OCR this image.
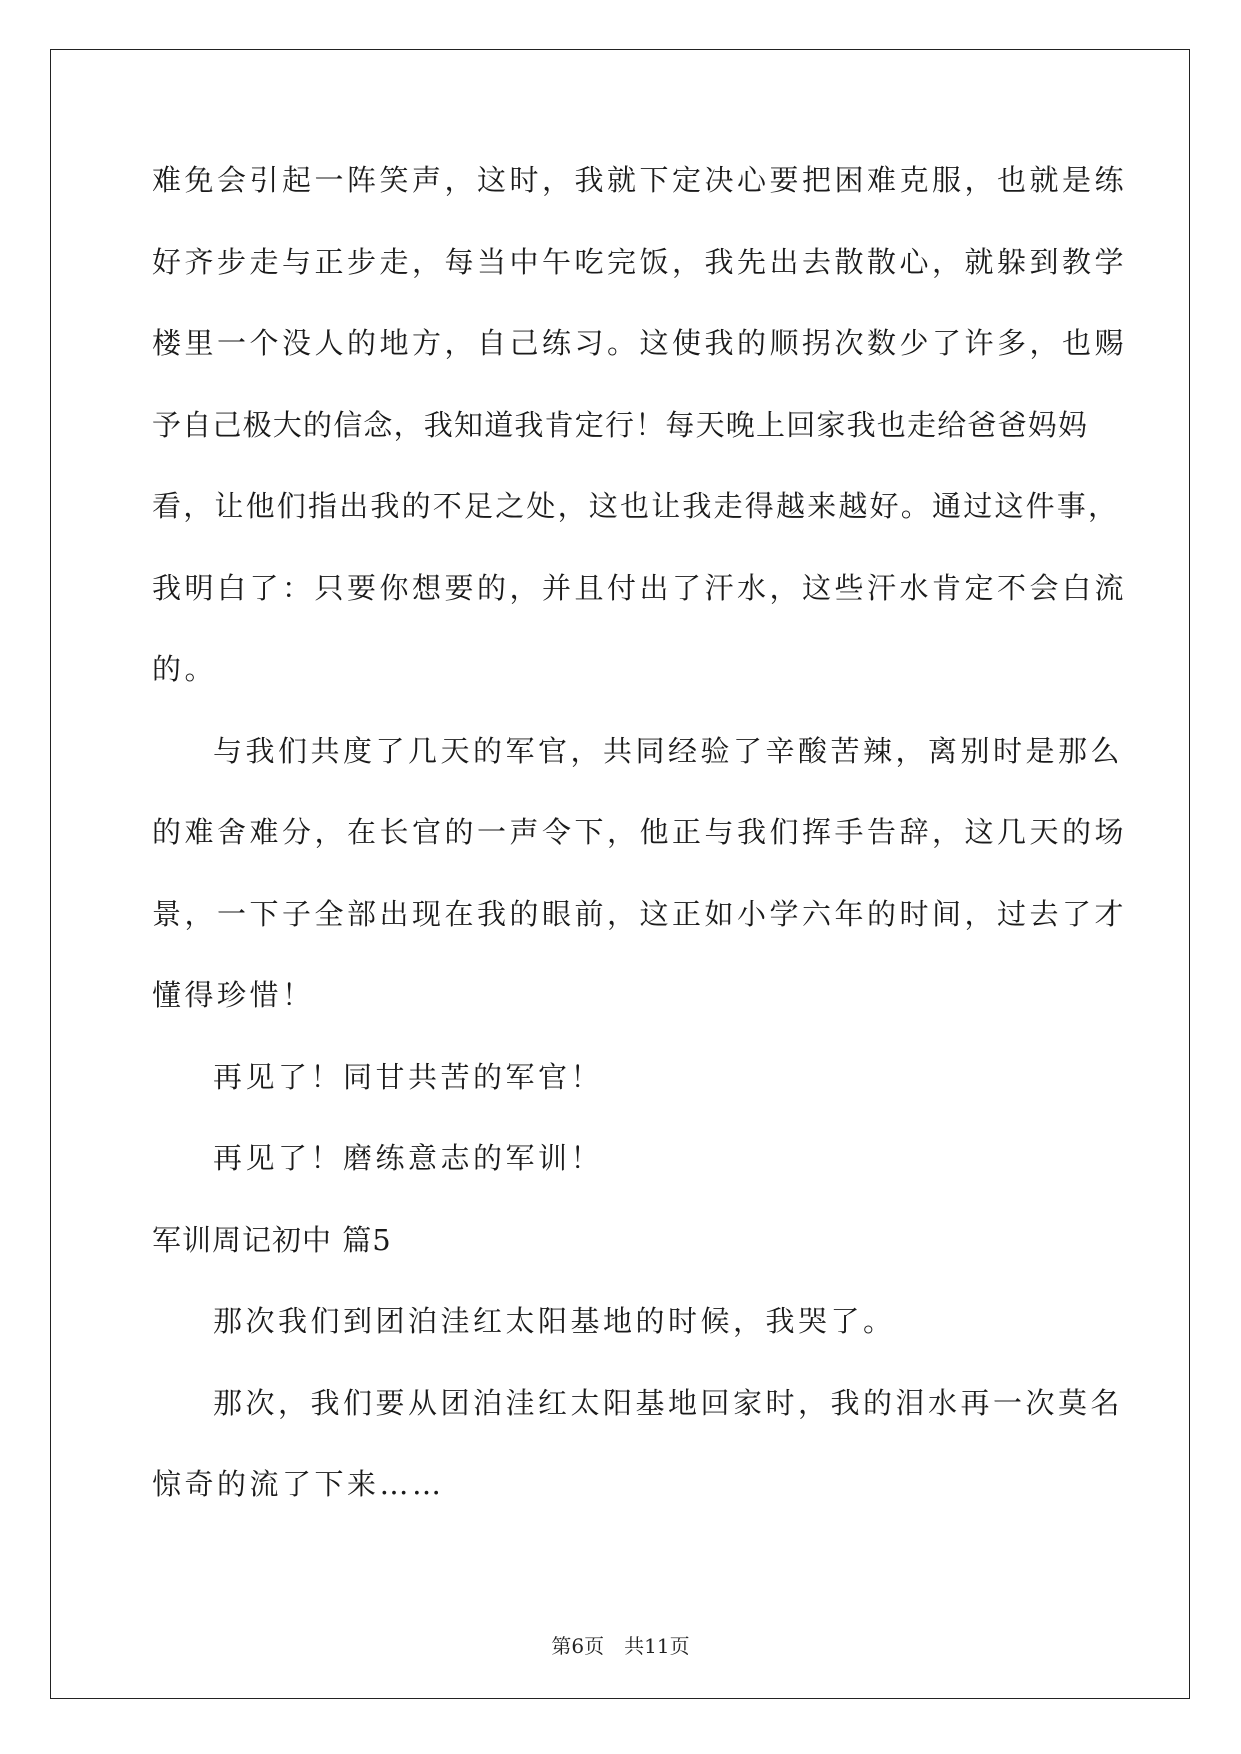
难免会引起一阵笑声，这时，我就下定决心要把困难克服，也就是练
好齐步走与正步走，每当中午吃完饭，我先出去散散心，就躲到教学
楼里一个没人的地方，自己练习。这使我的顺拐次数少了许多，也赐
予自己极大的信念，我知道我肯定行！每天晚上回家我也走给爸爸妈妈
看，让他们指出我的不足之处，这也让我走得越来越好。通过这件事，
我明白了：只要你想要的，并且付出了汗水，这些汗水肯定不会白流
的。
与我们共度了几天的军官，共同经验了辛酸苦辣，离别时是那么
的难舍难分，在长官的一声令下，他正与我们挥手告辞，这几天的场
景，一下子全部出现在我的眼前，这正如小学六年的时间，过去了才
懂得珍惜！
再见了！同甘共苦的军官！
再见了！磨练意志的军训！
军训周记初中 篇5
那次我们到团泊洼红太阳基地的时候，我哭了。
那次，我们要从团泊洼红太阳基地回家时，我的泪水再一次莫名
惊奇的流了下来……
第6页　共11页
